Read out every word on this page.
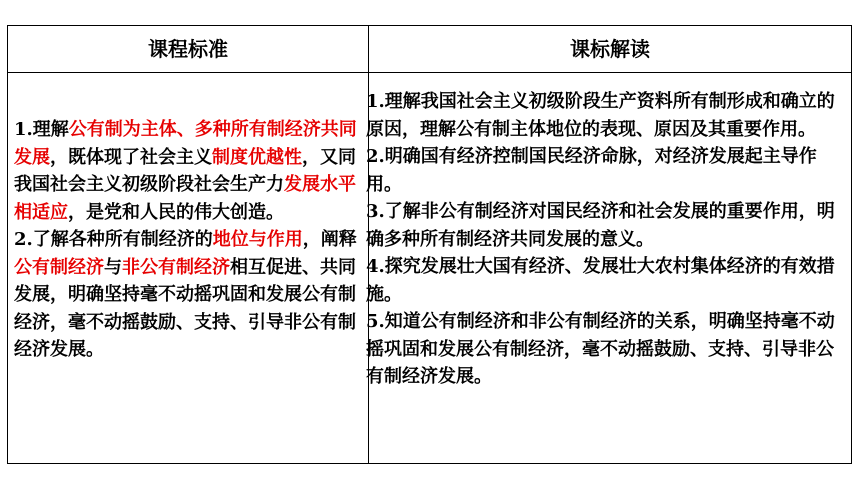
课程标准	课标解读
1.理解公有制为主体、多种所有制经济共同发展，既体现了社会主义制度优越性，又同我国社会主义初级阶段社会生产力发展水平相适应，是党和人民的伟大创造。
2.了解各种所有制经济的地位与作用，阐释公有制经济与非公有制经济相互促进、共同发展，明确坚持毫不动摇巩固和发展公有制经济，毫不动摇鼓励、支持、引导非公有制经济发展。
1.理解我国社会主义初级阶段生产资料所有制形成和确立的原因，理解公有制主体地位的表现、原因及其重要作用。
2.明确国有经济控制国民经济命脉，对经济发展起主导作用。
3.了解非公有制经济对国民经济和社会发展的重要作用，明确多种所有制经济共同发展的意义。
4.探究发展壮大国有经济、发展壮大农村集体经济的有效措施。
5.知道公有制经济和非公有制经济的关系，明确坚持毫不动摇巩固和发展公有制经济，毫不动摇鼓励、支持、引导非公有制经济发展。
